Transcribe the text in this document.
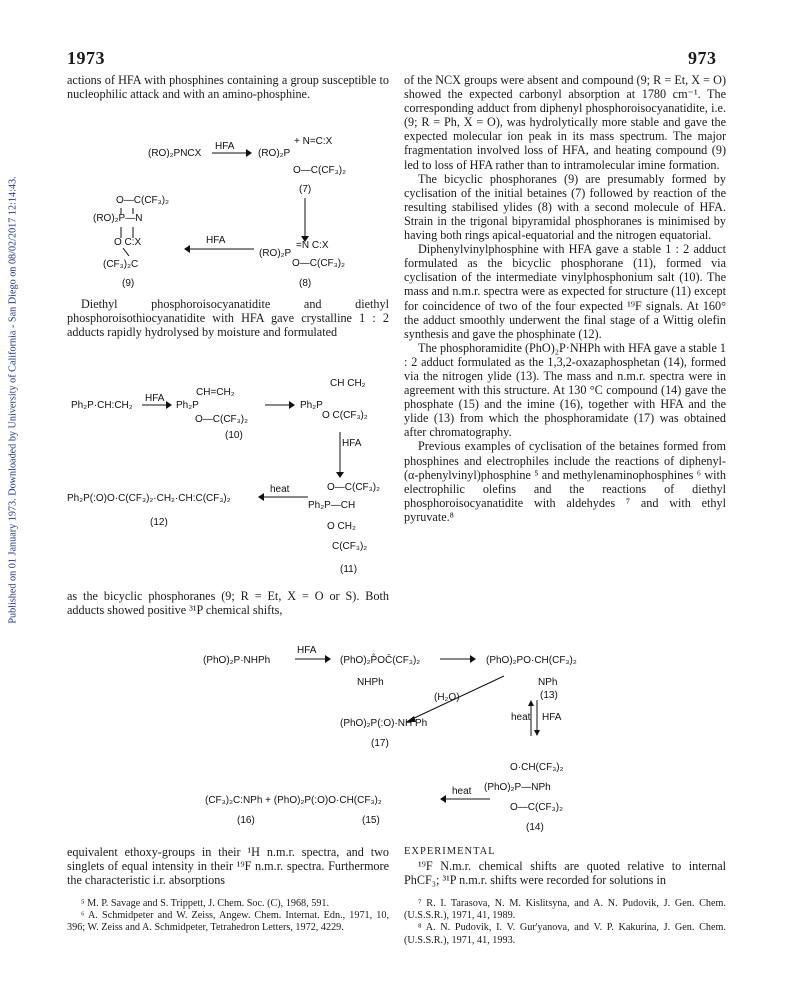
Published on 01 January 1973. Downloaded by University of California - San Diego on 08/02/2017 12:14:43.
1973	973

actions of HFA with phosphines containing a group susceptible to nucleophilic attack and with an amino-phosphine.

(RO)₂PNCX
HFA
→ (RO)₂P
+ N=C:X
O—C(CF₃)₂
(7)
O—C(CF₃)₂
(RO)₂P—N
O C:X
(CF₃)₂C
(9)
HFA
(RO)₂P
=N C:X
O—C(CF₃)₂
(8)

Diethyl phosphoroisocyanatidite and diethyl phosphoroisothiocyanatidite with HFA gave crystalline 1 : 2 adducts rapidly hydrolysed by moisture and formulated

Ph₂P·CH:CH₂
HFA
→ Ph₂P
CH=CH₂
O—C(CF₃)₂
(10)
→ Ph₂P
CH CH₂
O C(CF₃)₂
HFA
Ph₂P(:O)O·C(CF₃)₂·CH₂·CH:C(CF₃)₂
heat
(12)
O—C(CF₃)₂
Ph₂P—CH
O CH₂
C(CF₃)₂
(11)

as the bicyclic phosphoranes (9; R = Et, X = O or S). Both adducts showed positive ³¹P chemical shifts,

of the NCX groups were absent and compound (9; R = Et, X = O) showed the expected carbonyl absorption at 1780 cm⁻¹. The corresponding adduct from diphenyl phosphoroisocyanatidite, i.e. (9; R = Ph, X = O), was hydrolytically more stable and gave the expected molecular ion peak in its mass spectrum. The major fragmentation involved loss of HFA, and heating compound (9) led to loss of HFA rather than to intramolecular imine formation.

The bicyclic phosphoranes (9) are presumably formed by cyclisation of the initial betaines (7) followed by reaction of the resulting stabilised ylides (8) with a second molecule of HFA. Strain in the trigonal bipyramidal phosphoranes is minimised by having both rings apical-equatorial and the nitrogen equatorial.

Diphenylvinylphosphine with HFA gave a stable 1 : 2 adduct formulated as the bicyclic phosphorane (11), formed via cyclisation of the intermediate vinylphosphonium salt (10). The mass and n.m.r. spectra were as expected for structure (11) except for coincidence of two of the four expected ¹⁹F signals. At 160° the adduct smoothly underwent the final stage of a Wittig olefin synthesis and gave the phosphinate (12).

The phosphoramidite (PhO)₂P·NHPh with HFA gave a stable 1 : 2 adduct formulated as the 1,3,2-oxazaphosphetan (14), formed via the nitrogen ylide (13). The mass and n.m.r. spectra were in agreement with this structure. At 130 °C compound (14) gave the phosphate (15) and the imine (16), together with HFA and the ylide (13) from which the phosphoramidate (17) was obtained after chromatography.

Previous examples of cyclisation of the betaines formed from phosphines and electrophiles include the reactions of diphenyl-(α-phenylvinyl)phosphine ⁵ and methylenaminophosphines ⁶ with electrophilic olefins and the reactions of diethyl phosphoroisocyanatidite with aldehydes ⁷ and with ethyl pyruvate.⁸

(PhO)₂P·NHPh
HFA
→ (PhO)₂P̊OC̄(CF₃)₂
NHPh
→ (PhO)₂PO·CH(CF₃)₂
NPh
(13)
(H₂O)
(PhO)₂P(:O)·NH Ph
(17)
heat HFA
O·CH(CF₃)₂
(PhO)₂P—NPh
O—C(CF₃)₂
(14)
(CF₃)₂C:NPh + (PhO)₂P(:O)O·CH(CF₃)₂
heat
(16)	(15)

equivalent ethoxy-groups in their ¹H n.m.r. spectra, and two singlets of equal intensity in their ¹⁹F n.m.r. spectra. Furthermore the characteristic i.r. absorptions

EXPERIMENTAL

¹⁹F N.m.r. chemical shifts are quoted relative to internal PhCF₃; ³¹P n.m.r. shifts were recorded for solutions in

⁵ M. P. Savage and S. Trippett, J. Chem. Soc. (C), 1968, 591.

⁶ A. Schmidpeter and W. Zeiss, Angew. Chem. Internat. Edn., 1971, 10, 396; W. Zeiss and A. Schmidpeter, Tetrahedron Letters, 1972, 4229.

⁷ R. I. Tarasova, N. M. Kislitsyna, and A. N. Pudovik, J. Gen. Chem. (U.S.S.R.), 1971, 41, 1989.

⁸ A. N. Pudovik, I. V. Gur'yanova, and V. P. Kakurina, J. Gen. Chem. (U.S.S.R.), 1971, 41, 1993.
